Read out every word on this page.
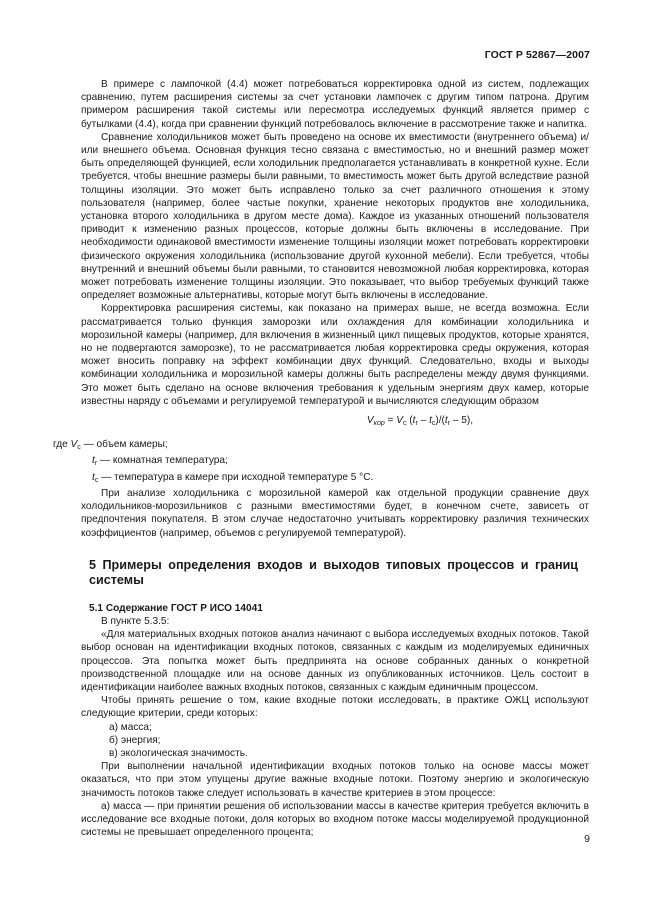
ГОСТ Р 52867—2007

В примере с лампочкой (4.4) может потребоваться корректировка одной из систем, подлежащих сравнению, путем расширения системы за счет установки лампочек с другим типом патрона. Другим примером расширения такой системы или пересмотра исследуемых функций является пример с бутылками (4.4), когда при сравнении функций потребовалось включение в рассмотрение также и напитка.

Сравнение холодильников может быть проведено на основе их вместимости (внутреннего объема) и/или внешнего объема. Основная функция тесно связана с вместимостью, но и внешний размер может быть определяющей функцией, если холодильник предполагается устанавливать в конкретной кухне. Если требуется, чтобы внешние размеры были равными, то вместимость может быть другой вследствие разной толщины изоляции. Это может быть исправлено только за счет различного отношения к этому пользователя (например, более частые покупки, хранение некоторых продуктов вне холодильника, установка второго холодильника в другом месте дома). Каждое из указанных отношений пользователя приводит к изменению разных процессов, которые должны быть включены в исследование. При необходимости одинаковой вместимости изменение толщины изоляции может потребовать корректировки физического окружения холодильника (использование другой кухонной мебели). Если требуется, чтобы внутренний и внешний объемы были равными, то становится невозможной любая корректировка, которая может потребовать изменение толщины изоляции. Это показывает, что выбор требуемых функций также определяет возможные альтернативы, которые могут быть включены в исследование.

Корректировка расширения системы, как показано на примерах выше, не всегда возможна. Если рассматривается только функция заморозки или охлаждения для комбинации холодильника и морозильной камеры (например, для включения в жизненный цикл пищевых продуктов, которые хранятся, но не подвергаются заморозке), то не рассматривается любая корректировка среды окружения, которая может вносить поправку на эффект комбинации двух функций. Следовательно, входы и выходы комбинации холодильника и морозильной камеры должны быть распределены между двумя функциями. Это может быть сделано на основе включения требования к удельным энергиям двух камер, которые известны наряду с объемами и регулируемой температурой и вычисляются следующим образом

$V_{кор} = V_c$ $(t_r - t_c)/(t_r - 5)$,

где $V_c$ — объем камеры;

$t_r$ — комнатная температура;

$t_c$ — температура в камере при исходной температуре 5 °С.

При анализе холодильника с морозильной камерой как отдельной продукции сравнение двух холодильников-морозильников с разными вместимостями будет, в конечном счете, зависеть от предпочтения покупателя. В этом случае недостаточно учитывать корректировку различия технических коэффициентов (например, объемов с регулируемой температурой).

5 Примеры определения входов и выходов типовых процессов и границ
системы

5.1 Содержание ГОСТ Р ИСО 14041

В пункте 5.3.5:

«Для материальных входных потоков анализ начинают с выбора исследуемых входных потоков. Такой выбор основан на идентификации входных потоков, связанных с каждым из моделируемых единичных процессов. Эта попытка может быть предпринята на основе собранных данных о конкретной производственной площадке или на основе данных из опубликованных источников. Цель состоит в идентификации наиболее важных входных потоков, связанных с каждым единичным процессом.

Чтобы принять решение о том, какие входные потоки исследовать, в практике ОЖЦ используют следующие критерии, среди которых:

а) масса;

б) энергия;

в) экологическая значимость.

При выполнении начальной идентификации входных потоков только на основе массы может оказаться, что при этом упущены другие важные входные потоки. Поэтому энергию и экологическую значимость потоков также следует использовать в качестве критериев в этом процессе:

а) масса — при принятии решения об использовании массы в качестве критерия требуется включить в исследование все входные потоки, доля которых во входном потоке массы моделируемой продукционной системы не превышает определенного процента;

9
